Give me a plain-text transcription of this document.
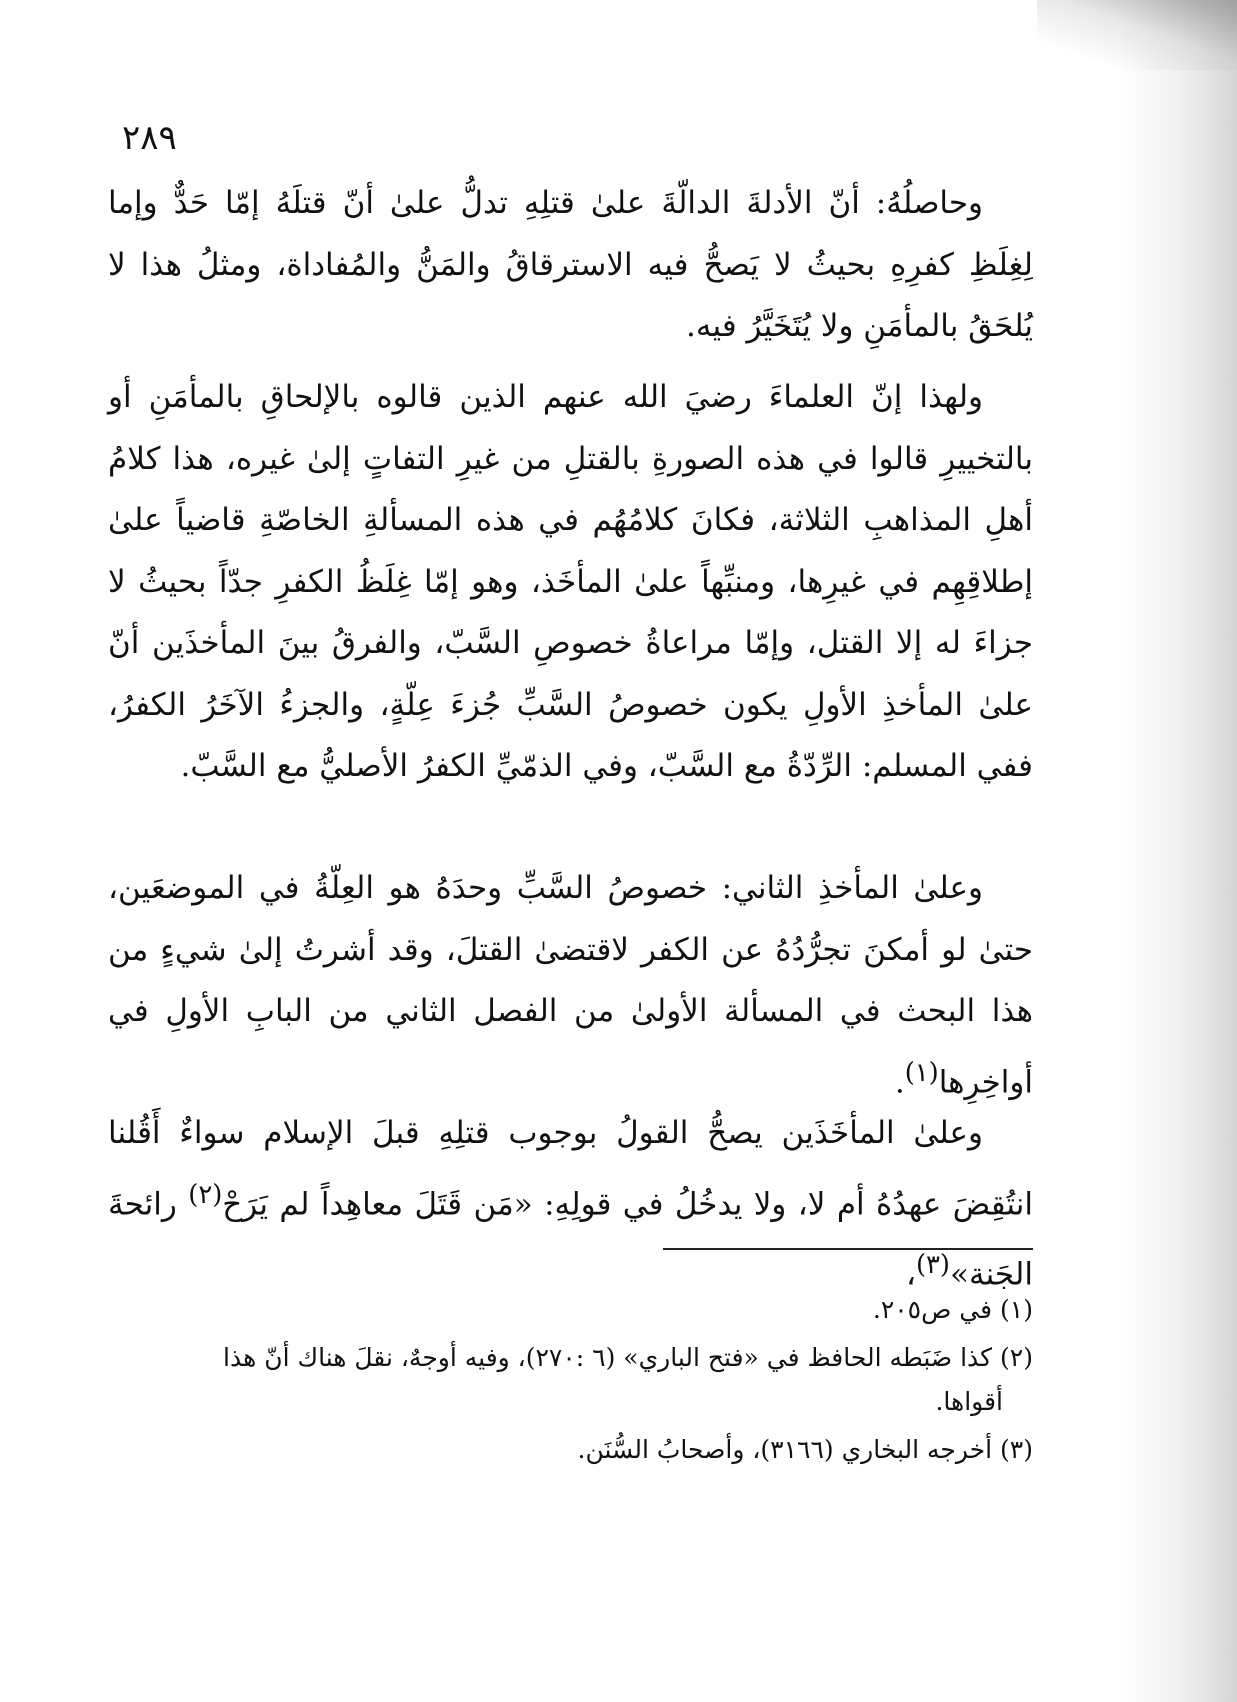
٢٨٩

وحاصلُهُ: أنّ الأدلةَ الدالّةَ علىٰ قتلِهِ تدلُّ علىٰ أنّ قتلَهُ إمّا حَدٌّ وإما لِغِلَظِ كفرِهِ بحيثُ لا يَصحُّ فيه الاسترقاقُ والمَنُّ والمُفاداة، ومثلُ هذا لا يُلحَقُ بالمأمَنِ ولا يُتَخَيَّرُ فيه.

ولهذا إنّ العلماءَ رضيَ الله عنهم الذين قالوه بالإلحاقِ بالمأمَنِ أو بالتخييرِ قالوا في هذه الصورةِ بالقتلِ من غيرِ التفاتٍ إلىٰ غيره، هذا كلامُ أهلِ المذاهبِ الثلاثة، فكانَ كلامُهُم في هذه المسألةِ الخاصّةِ قاضياً علىٰ إطلاقِهِم في غيرِها، ومنبِّهاً علىٰ المأخَذ، وهو إمّا غِلَظُ الكفرِ جدّاً بحيثُ لا جزاءَ له إلا القتل، وإمّا مراعاةُ خصوصِ السَّبّ، والفرقُ بينَ المأخذَين أنّ علىٰ المأخذِ الأولِ يكون خصوصُ السَّبِّ جُزءَ عِلّةٍ، والجزءُ الآخَرُ الكفرُ، ففي المسلم: الرِّدّةُ مع السَّبّ، وفي الذمّيِّ الكفرُ الأصليُّ مع السَّبّ.

وعلىٰ المأخذِ الثاني: خصوصُ السَّبِّ وحدَهُ هو العِلّةُ في الموضعَين، حتىٰ لو أمكنَ تجرُّدُهُ عن الكفر لاقتضىٰ القتلَ، وقد أشرتُ إلىٰ شيءٍ من هذا البحث في المسألة الأولىٰ من الفصل الثاني من البابِ الأولِ في أواخِرِها$^{(١)}$.

وعلىٰ المأخَذَين يصحُّ القولُ بوجوب قتلِهِ قبلَ الإسلام سواءٌ أَقُلنا انتُقِضَ عهدُهُ أم لا، ولا يدخُلُ في قولِهِ: «مَن قَتَلَ معاهِداً لم يَرَحْ$^{(٢)}$ رائحةَ الجَنة»$^{(٣)}$،

(١) في ص٢٠٥.
(٢) كذا ضَبَطه الحافظ في «فتح الباري» (٦ :٢٧٠)، وفيه أوجهٌ، نقلَ هناك أنّ هذا
أقواها.
(٣) أخرجه البخاري (٣١٦٦)، وأصحابُ السُّنَن.
